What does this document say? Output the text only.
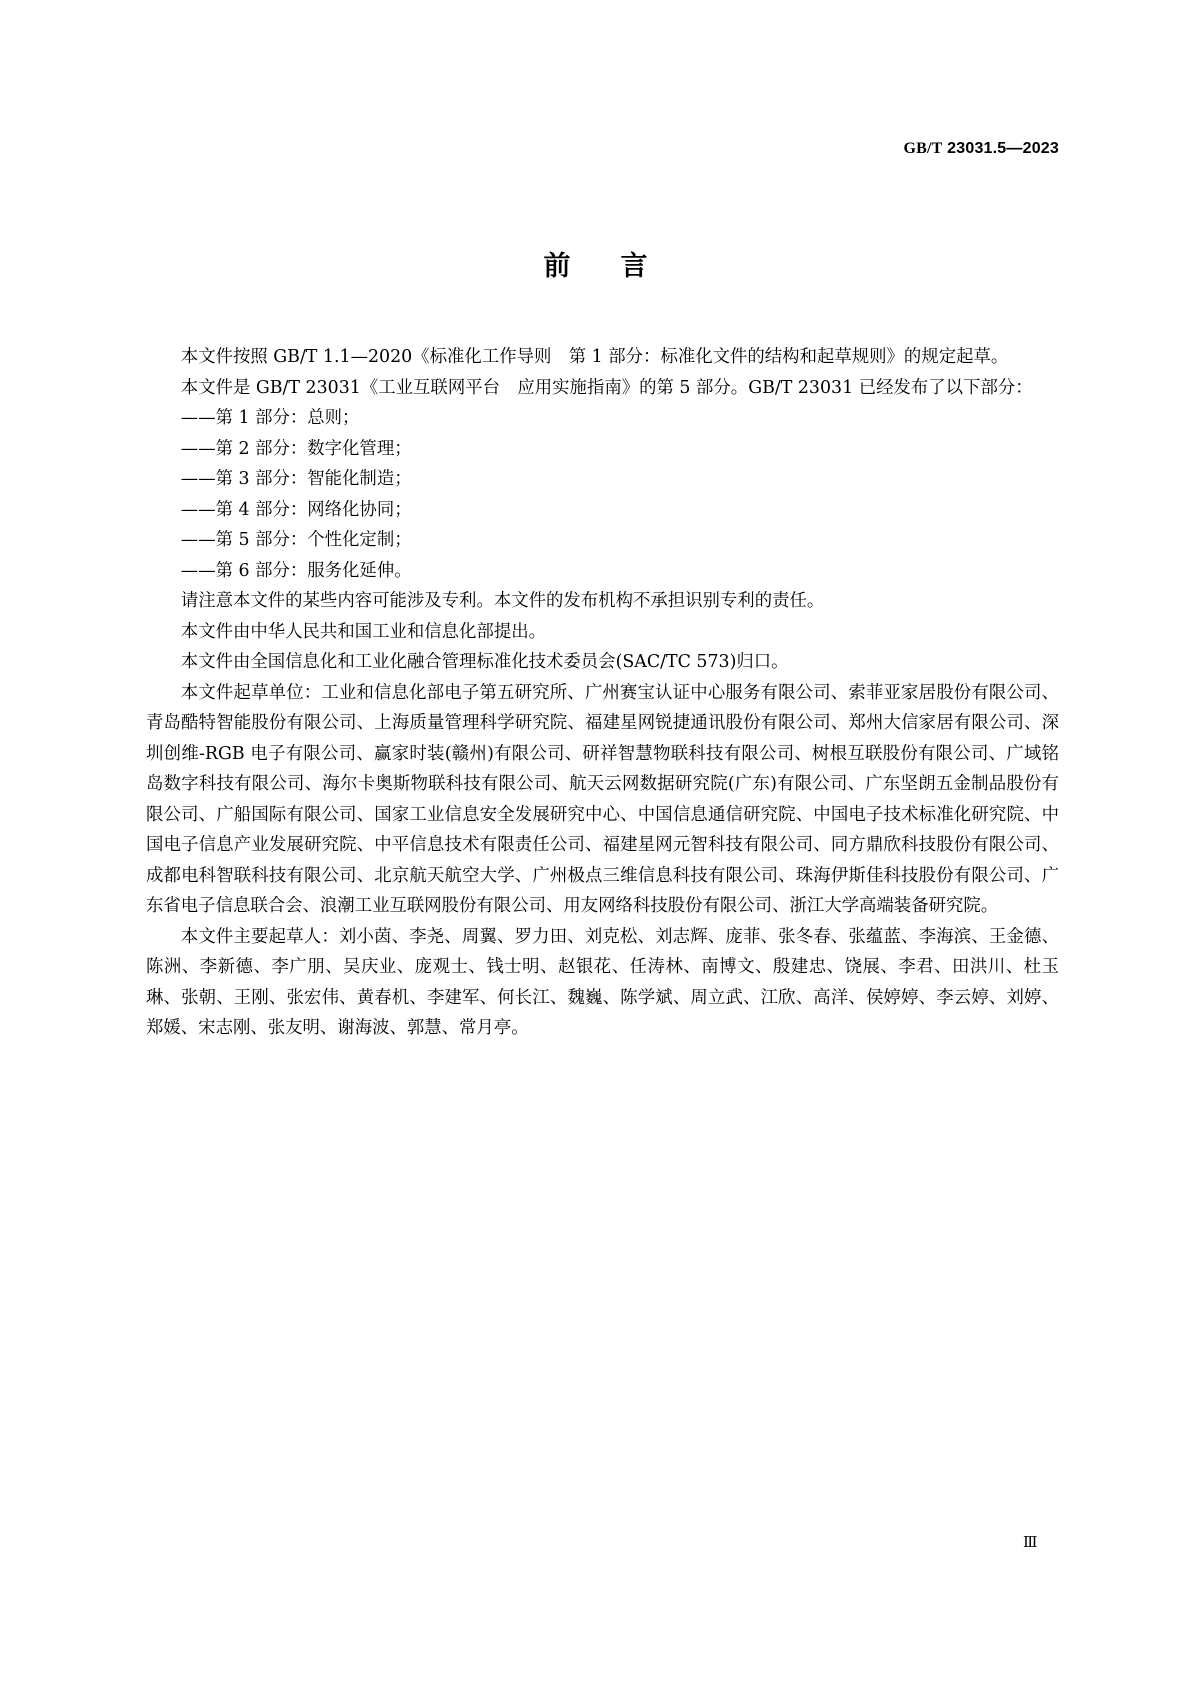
GB/T 23031.5—2023
前言

本文件按照 GB/T 1.1—2020《标准化工作导则　第 1 部分：标准化文件的结构和起草规则》的规定起草。

本文件是 GB/T 23031《工业互联网平台　应用实施指南》的第 5 部分。GB/T 23031 已经发布了以下部分：

——第 1 部分：总则；

——第 2 部分：数字化管理；

——第 3 部分：智能化制造；

——第 4 部分：网络化协同；

——第 5 部分：个性化定制；

——第 6 部分：服务化延伸。

请注意本文件的某些内容可能涉及专利。本文件的发布机构不承担识别专利的责任。

本文件由中华人民共和国工业和信息化部提出。

本文件由全国信息化和工业化融合管理标准化技术委员会(SAC/TC 573)归口。

本文件起草单位：工业和信息化部电子第五研究所、广州赛宝认证中心服务有限公司、索菲亚家居股份有限公司、青岛酷特智能股份有限公司、上海质量管理科学研究院、福建星网锐捷通讯股份有限公司、郑州大信家居有限公司、深圳创维-RGB 电子有限公司、赢家时装(赣州)有限公司、研祥智慧物联科技有限公司、树根互联股份有限公司、广域铭岛数字科技有限公司、海尔卡奥斯物联科技有限公司、航天云网数据研究院(广东)有限公司、广东坚朗五金制品股份有限公司、广船国际有限公司、国家工业信息安全发展研究中心、中国信息通信研究院、中国电子技术标准化研究院、中国电子信息产业发展研究院、中平信息技术有限责任公司、福建星网元智科技有限公司、同方鼎欣科技股份有限公司、成都电科智联科技有限公司、北京航天航空大学、广州极点三维信息科技有限公司、珠海伊斯佳科技股份有限公司、广东省电子信息联合会、浪潮工业互联网股份有限公司、用友网络科技股份有限公司、浙江大学高端装备研究院。

本文件主要起草人：刘小茵、李尧、周翼、罗力田、刘克松、刘志辉、庞菲、张冬春、张蕴蓝、李海滨、王金德、陈洲、李新德、李广朋、吴庆业、庞观士、钱士明、赵银花、任涛林、南博文、殷建忠、饶展、李君、田洪川、杜玉琳、张朝、王刚、张宏伟、黄春机、李建军、何长江、魏巍、陈学斌、周立武、江欣、高洋、侯婷婷、李云婷、刘婷、郑媛、宋志刚、张友明、谢海波、郭慧、常月亭。

Ⅲ
